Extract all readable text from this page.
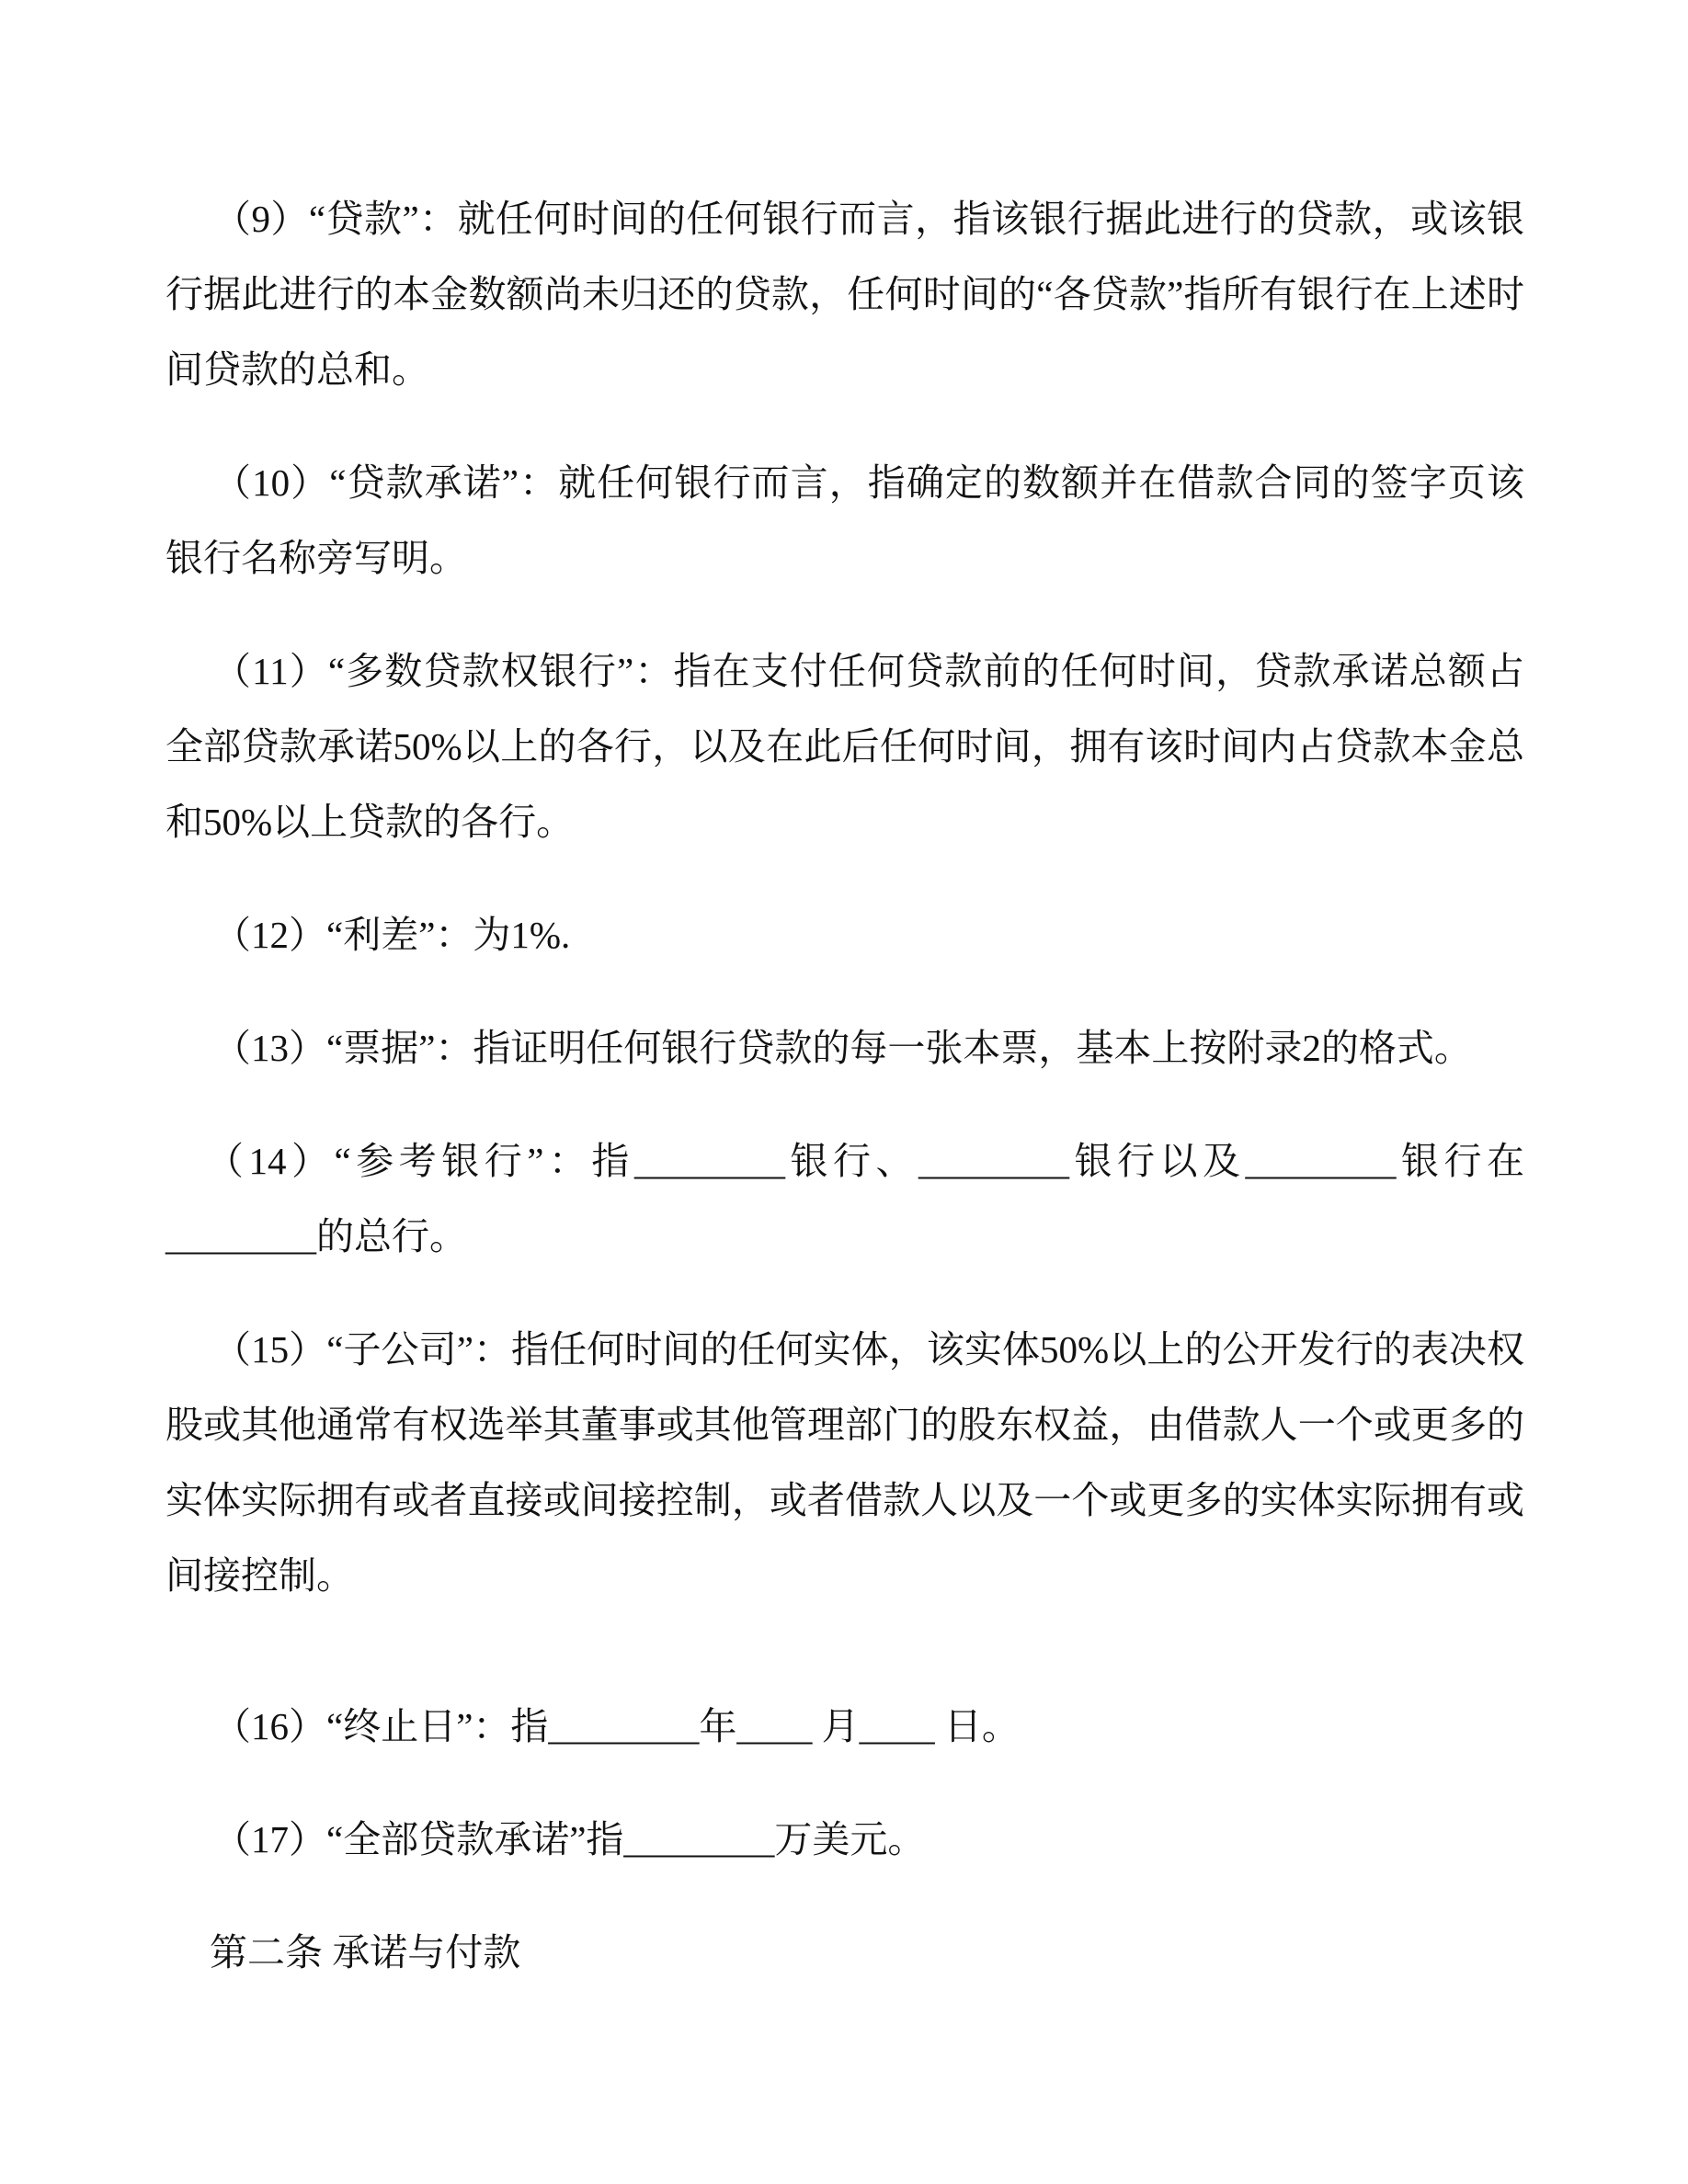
（9）“贷款”：就任何时间的任何银行而言，指该银行据此进行的贷款，或该银行据此进行的本金数额尚未归还的贷款，任何时间的“各贷款”指所有银行在上述时间贷款的总和。

（10）“贷款承诺”：就任何银行而言，指确定的数额并在借款合同的签字页该银行名称旁写明。

（11）“多数贷款权银行”：指在支付任何贷款前的任何时间，贷款承诺总额占全部贷款承诺50%以上的各行，以及在此后任何时间，拥有该时间内占贷款本金总和50%以上贷款的各行。

（12）“利差”：为1%.

（13）“票据”：指证明任何银行贷款的每一张本票，基本上按附录2的格式。

（14）“参考银行”：指________银行、________银行以及________银行在________的总行。

（15）“子公司”：指任何时间的任何实体，该实体50%以上的公开发行的表决权股或其他通常有权选举其董事或其他管理部门的股东权益，由借款人一个或更多的实体实际拥有或者直接或间接控制，或者借款人以及一个或更多的实体实际拥有或间接控制。

（16）“终止日”：指________年____ 月____ 日。

（17）“全部贷款承诺”指________万美元。

第二条 承诺与付款
